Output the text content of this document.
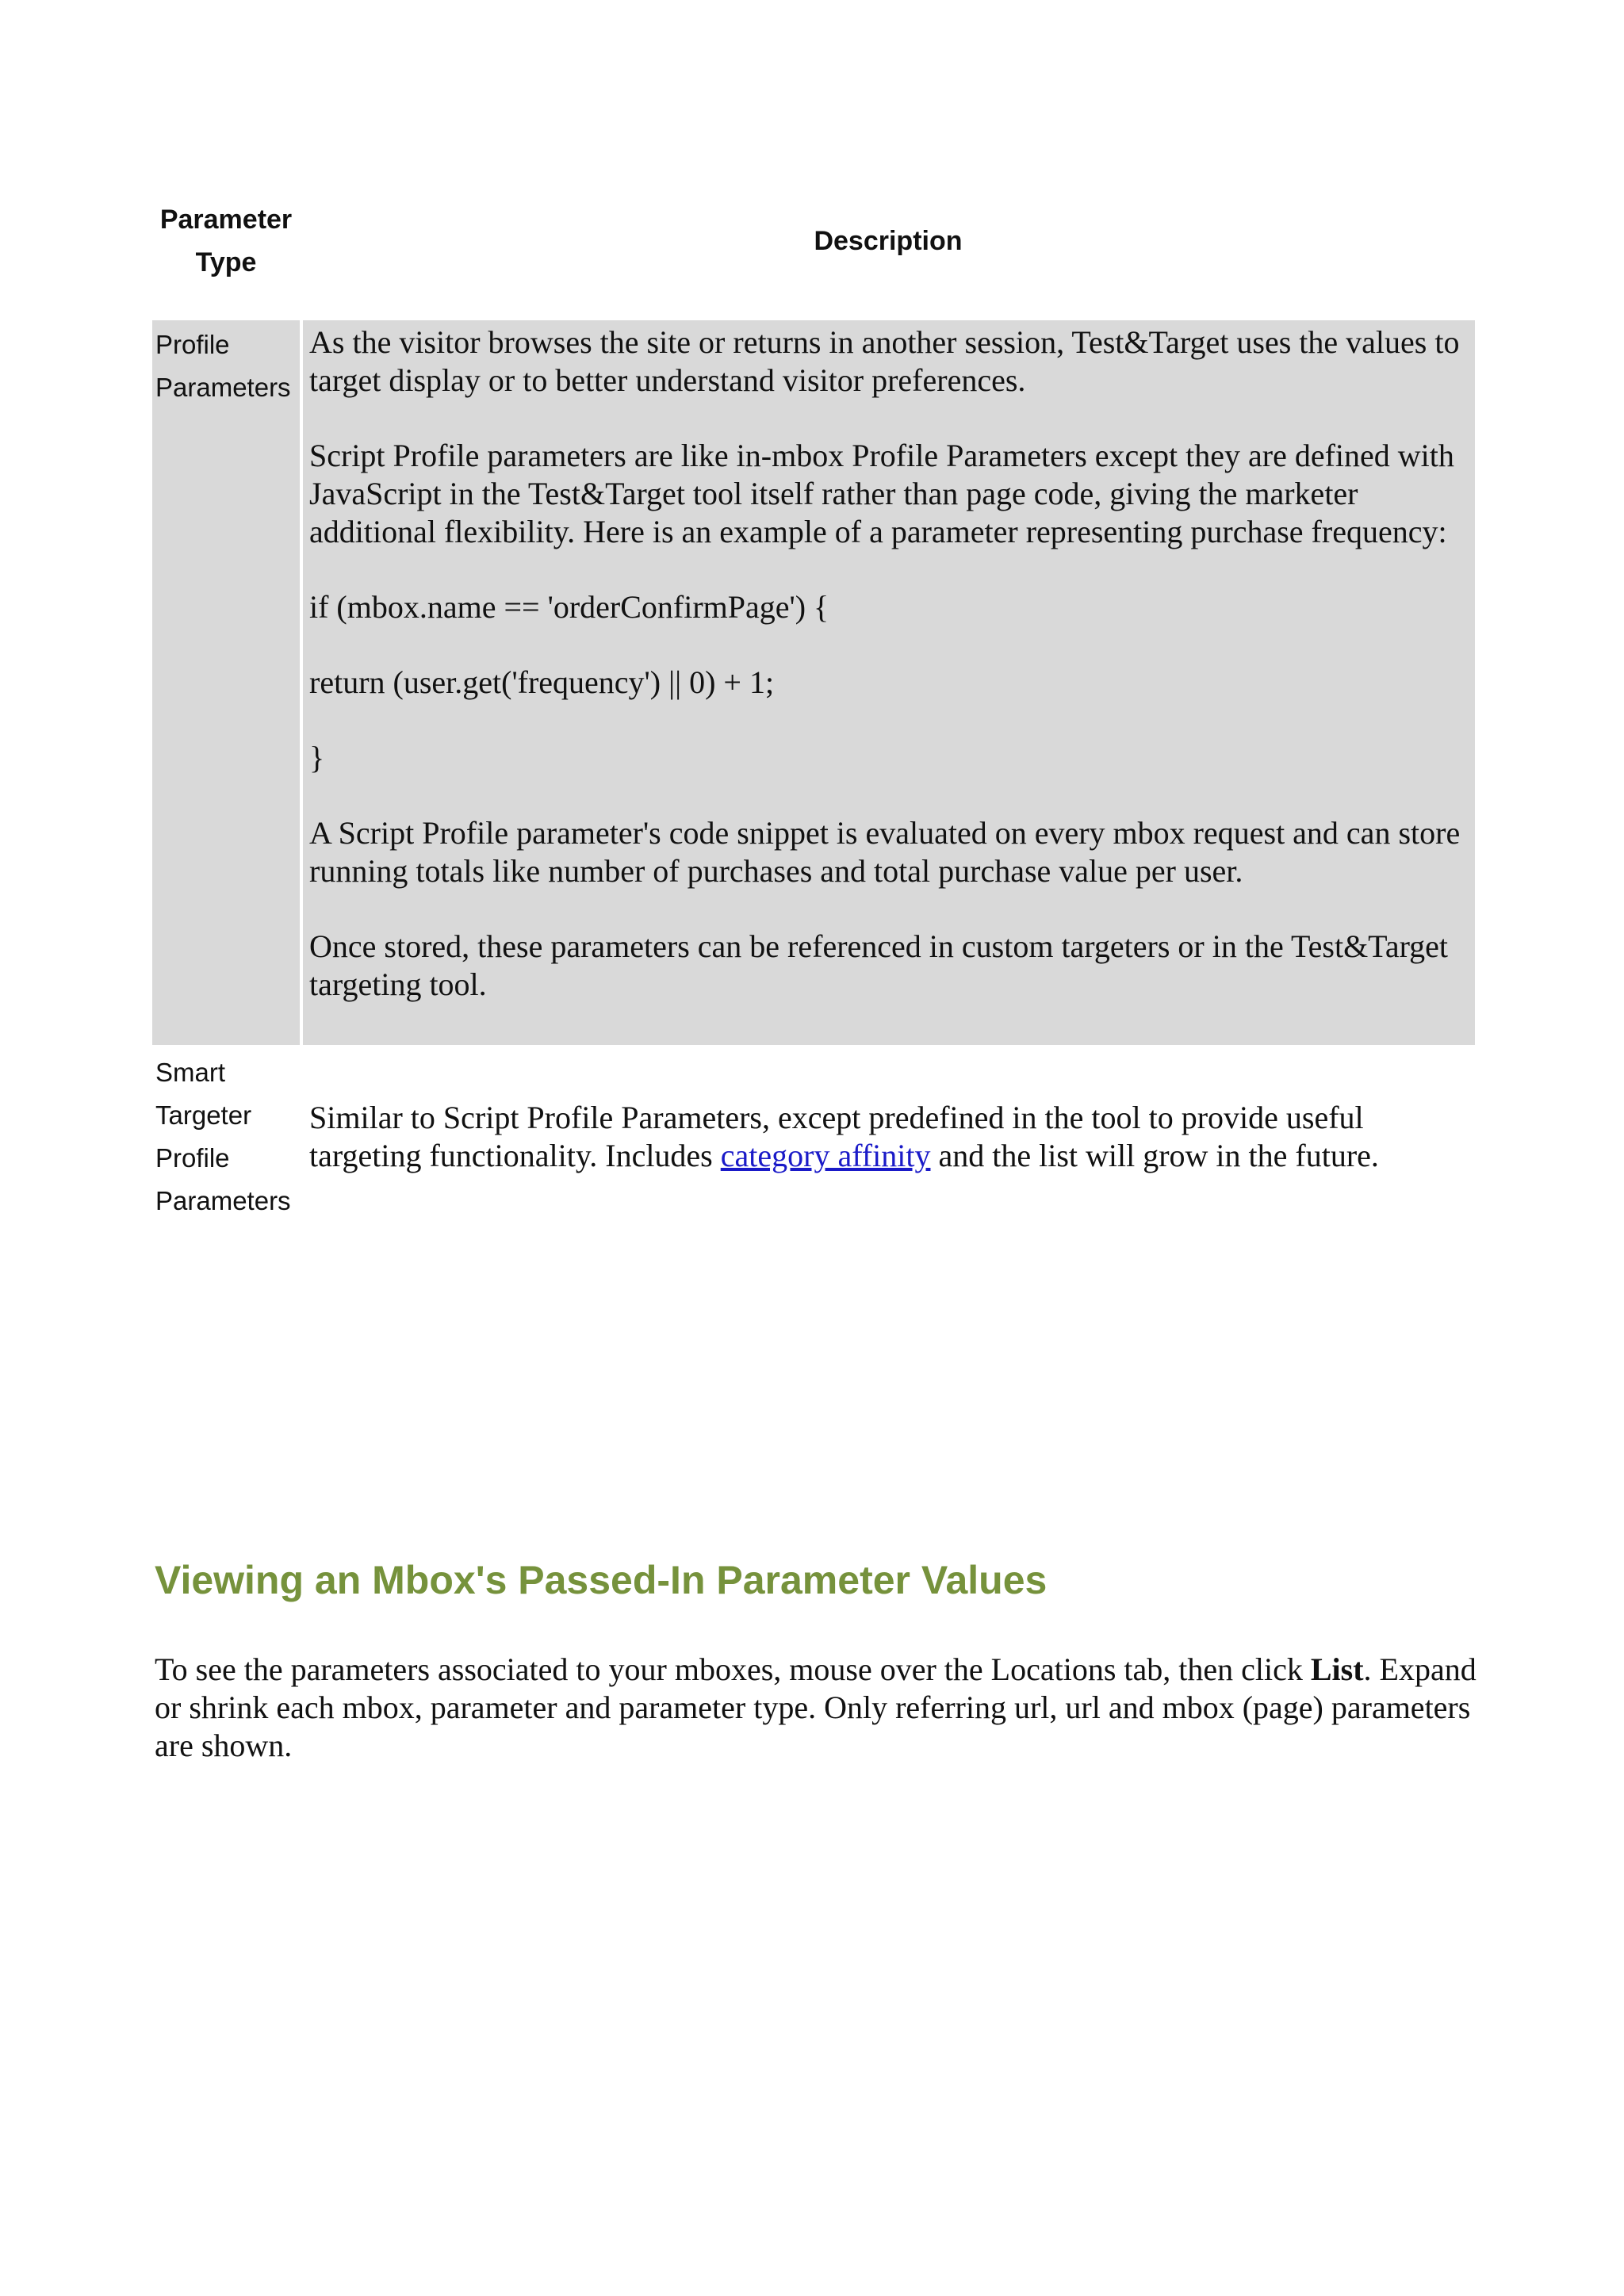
Parameter
Type
Description
Profile
Parameters

As the visitor browses the site or returns in another session, Test&Target uses the values to target display or to better understand visitor preferences.

Script Profile parameters are like in-mbox Profile Parameters except they are defined with JavaScript in the Test&Target tool itself rather than page code, giving the marketer additional flexibility. Here is an example of a parameter representing purchase frequency:

if (mbox.name == 'orderConfirmPage') {

return (user.get('frequency') || 0) + 1;

}

A Script Profile parameter's code snippet is evaluated on every mbox request and can store running totals like number of purchases and total purchase value per user.

Once stored, these parameters can be referenced in custom targeters or in the Test&Target targeting tool.

Smart
Targeter
Profile
Parameters
Similar to Script Profile Parameters, except predefined in the tool to provide useful targeting functionality. Includes category affinity and the list will grow in the future.
Viewing an Mbox's Passed-In Parameter Values

To see the parameters associated to your mboxes, mouse over the Locations tab, then click List. Expand or shrink each mbox, parameter and parameter type. Only referring url, url and mbox (page) parameters are shown.
